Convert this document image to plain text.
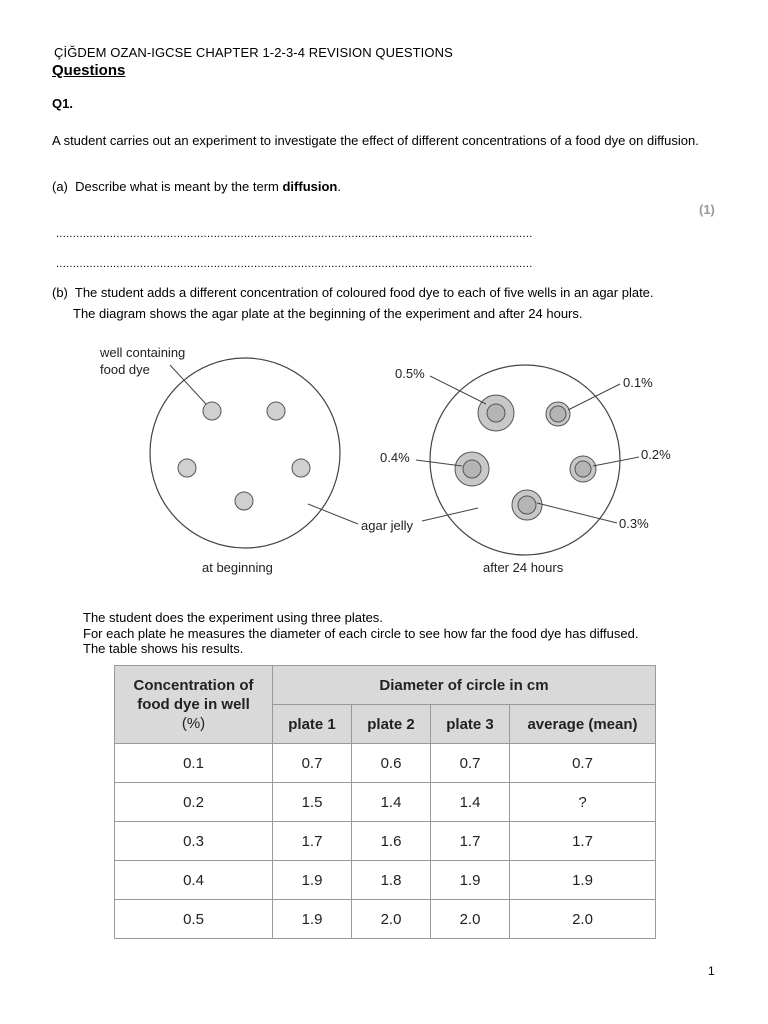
ÇİĞDEM OZAN-IGCSE CHAPTER 1-2-3-4 REVISION QUESTIONS
Questions
Q1.
A student carries out an experiment to investigate the effect of different concentrations of a food dye on diffusion.
(a) Describe what is meant by the term diffusion.
(1)
..............................................................................................................................................
..............................................................................................................................................
(b) The student adds a different concentration of coloured food dye to each of five wells in an agar plate.
The diagram shows the agar plate at the beginning of the experiment and after 24 hours.
well containing
food dye
at beginning
0.5%
0.1%
0.4%	0.2%
0.3%
agar jelly
after 24 hours
The student does the experiment using three plates.
For each plate he measures the diameter of each circle to see how far the food dye has diffused.
The table shows his results.
Concentration of
food dye in well
(%)	Diameter of circle in cm			
	plate 1	plate 2	plate 3	average (mean)
0.1	0.7	0.6	0.7	0.7
0.2	1.5	1.4	1.4	?
0.3	1.7	1.6	1.7	1.7
0.4	1.9	1.8	1.9	1.9
0.5	1.9	2.0	2.0	2.0
1
